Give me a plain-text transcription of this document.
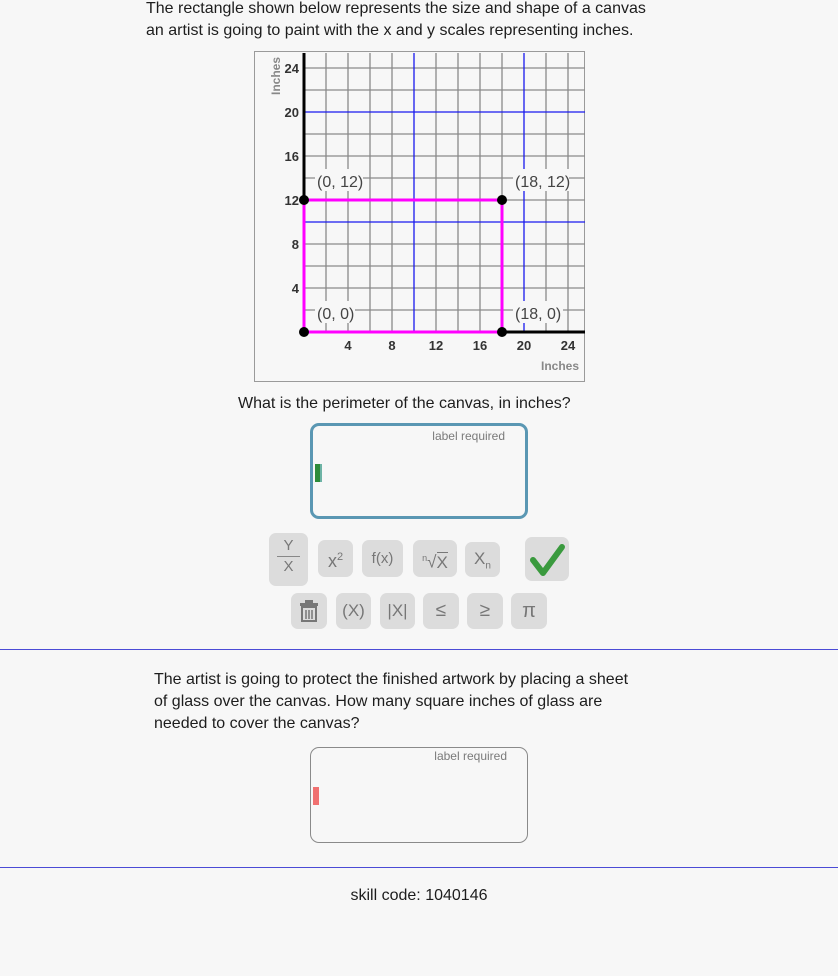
The rectangle shown below represents the size and shape of a canvas
an artist is going to paint with the x and y scales representing inches.
(0, 12)	(18, 12)
(0, 0)	(18, 0)
4	8	12 16 20 24
4
8
12
16
20
24
Inches
Inches
What is the perimeter of the canvas, in inches?
label required
Y
X	$x^2$	f(x)	$^n$√X	$X_n$
(X)	|X|	≤	≥	π
The artist is going to protect the finished artwork by placing a sheet
of glass over the canvas. How many square inches of glass are
needed to cover the canvas?
label required
skill code: 1040146
